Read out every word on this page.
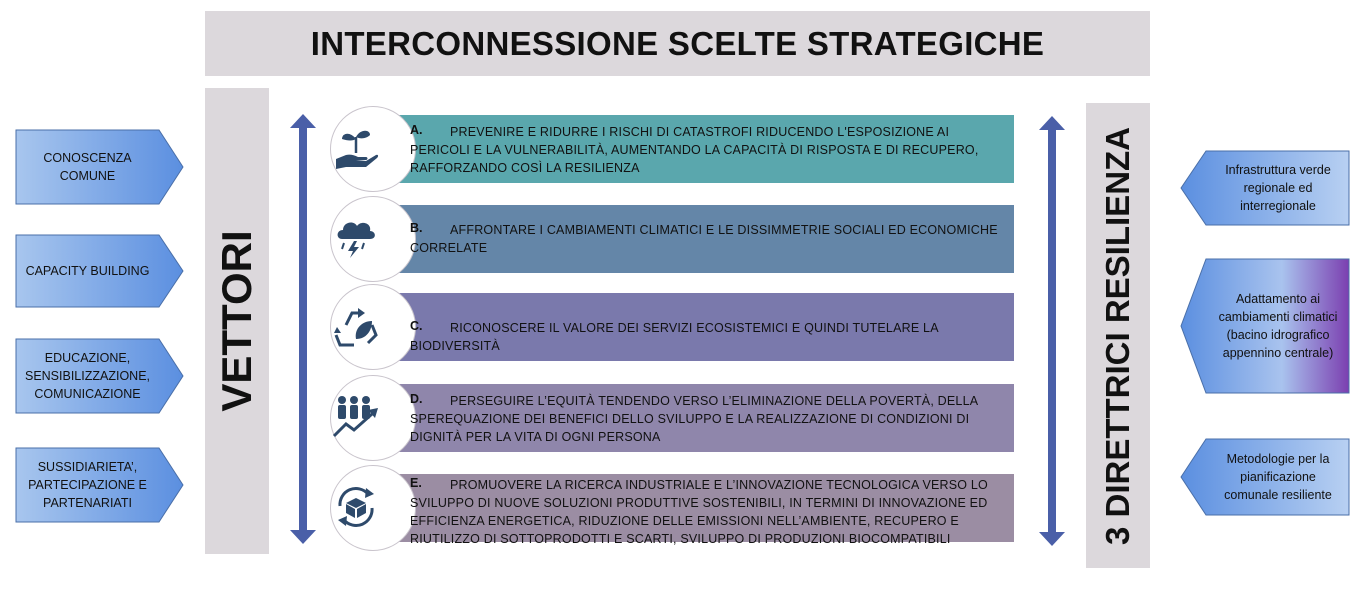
INTERCONNESSIONE SCELTE STRATEGICHE
VETTORI	3 DIRETTRICI RESILIENZA
CONOSCENZA COMUNE
CAPACITY BUILDING
EDUCAZIONE, SENSIBILIZZAZIONE, COMUNICAZIONE
SUSSIDIARIETA’, PARTECIPAZIONE E PARTENARIATI
Infrastruttura verde regionale ed interregionale
Adattamento ai cambiamenti climatici (bacino idrografico appennino centrale)
Metodologie per la pianificazione comunale resiliente
A.	PREVENIRE E RIDURRE I RISCHI DI CATASTROFI RIDUCENDO L'ESPOSIZIONE AI PERICOLI E LA VULNERABILITÀ, AUMENTANDO LA CAPACITÀ DI RISPOSTA E DI RECUPERO, RAFFORZANDO COSÌ LA RESILIENZA
B.	AFFRONTARE I CAMBIAMENTI CLIMATICI E LE DISSIMMETRIE SOCIALI ED ECONOMICHE CORRELATE
C.	RICONOSCERE IL VALORE DEI SERVIZI ECOSISTEMICI E QUINDI TUTELARE LA BIODIVERSITÀ
D.	PERSEGUIRE L’EQUITÀ TENDENDO VERSO L’ELIMINAZIONE DELLA POVERTÀ, DELLA SPEREQUAZIONE DEI BENEFICI DELLO SVILUPPO E LA REALIZZAZIONE DI CONDIZIONI DI DIGNITÀ PER LA VITA DI OGNI PERSONA
E.	PROMUOVERE LA RICERCA INDUSTRIALE E L’INNOVAZIONE TECNOLOGICA VERSO LO SVILUPPO DI NUOVE SOLUZIONI PRODUTTIVE SOSTENIBILI, IN TERMINI DI INNOVAZIONE ED EFFICIENZA ENERGETICA, RIDUZIONE DELLE EMISSIONI NELL’AMBIENTE, RECUPERO E RIUTILIZZO DI SOTTOPRODOTTI E SCARTI, SVILUPPO DI PRODUZIONI BIOCOMPATIBILI
